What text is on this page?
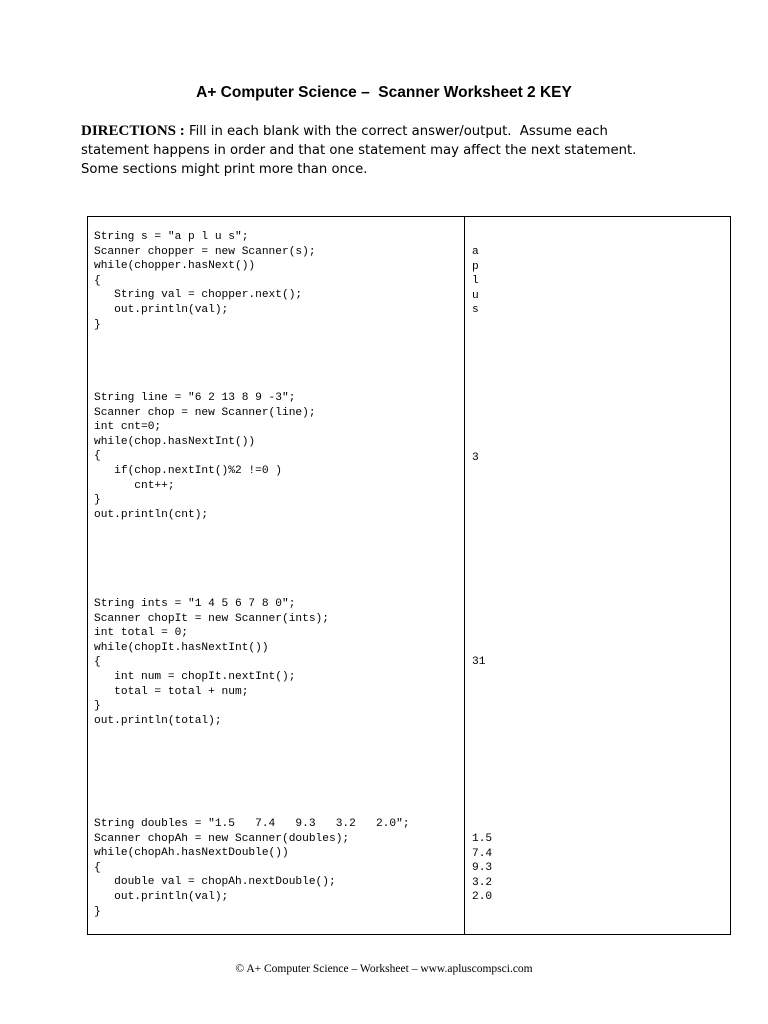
A+ Computer Science –  Scanner Worksheet 2 KEY
DIRECTIONS : Fill in each blank with the correct answer/output.  Assume each
statement happens in order and that one statement may affect the next statement.
Some sections might print more than once.
String s = "a p l u s";
Scanner chopper = new Scanner(s);
while(chopper.hasNext())
{
String val = chopper.next();
out.println(val);
}
a
p
l
u
s
String line = "6 2 13 8 9 -3";
Scanner chop = new Scanner(line);
int cnt=0;
while(chop.hasNextInt())
{
if(chop.nextInt()%2 !=0 )
cnt++;
}
out.println(cnt);
3
String ints = "1 4 5 6 7 8 0";
Scanner chopIt = new Scanner(ints);
int total = 0;
while(chopIt.hasNextInt())
{
int num = chopIt.nextInt();
total = total + num;
}
out.println(total);
31
String doubles = "1.5   7.4   9.3   3.2   2.0";
Scanner chopAh = new Scanner(doubles);
while(chopAh.hasNextDouble())
{
double val = chopAh.nextDouble();
out.println(val);
}
1.5
7.4
9.3
3.2
2.0
© A+ Computer Science – Worksheet – www.apluscompsci.com
